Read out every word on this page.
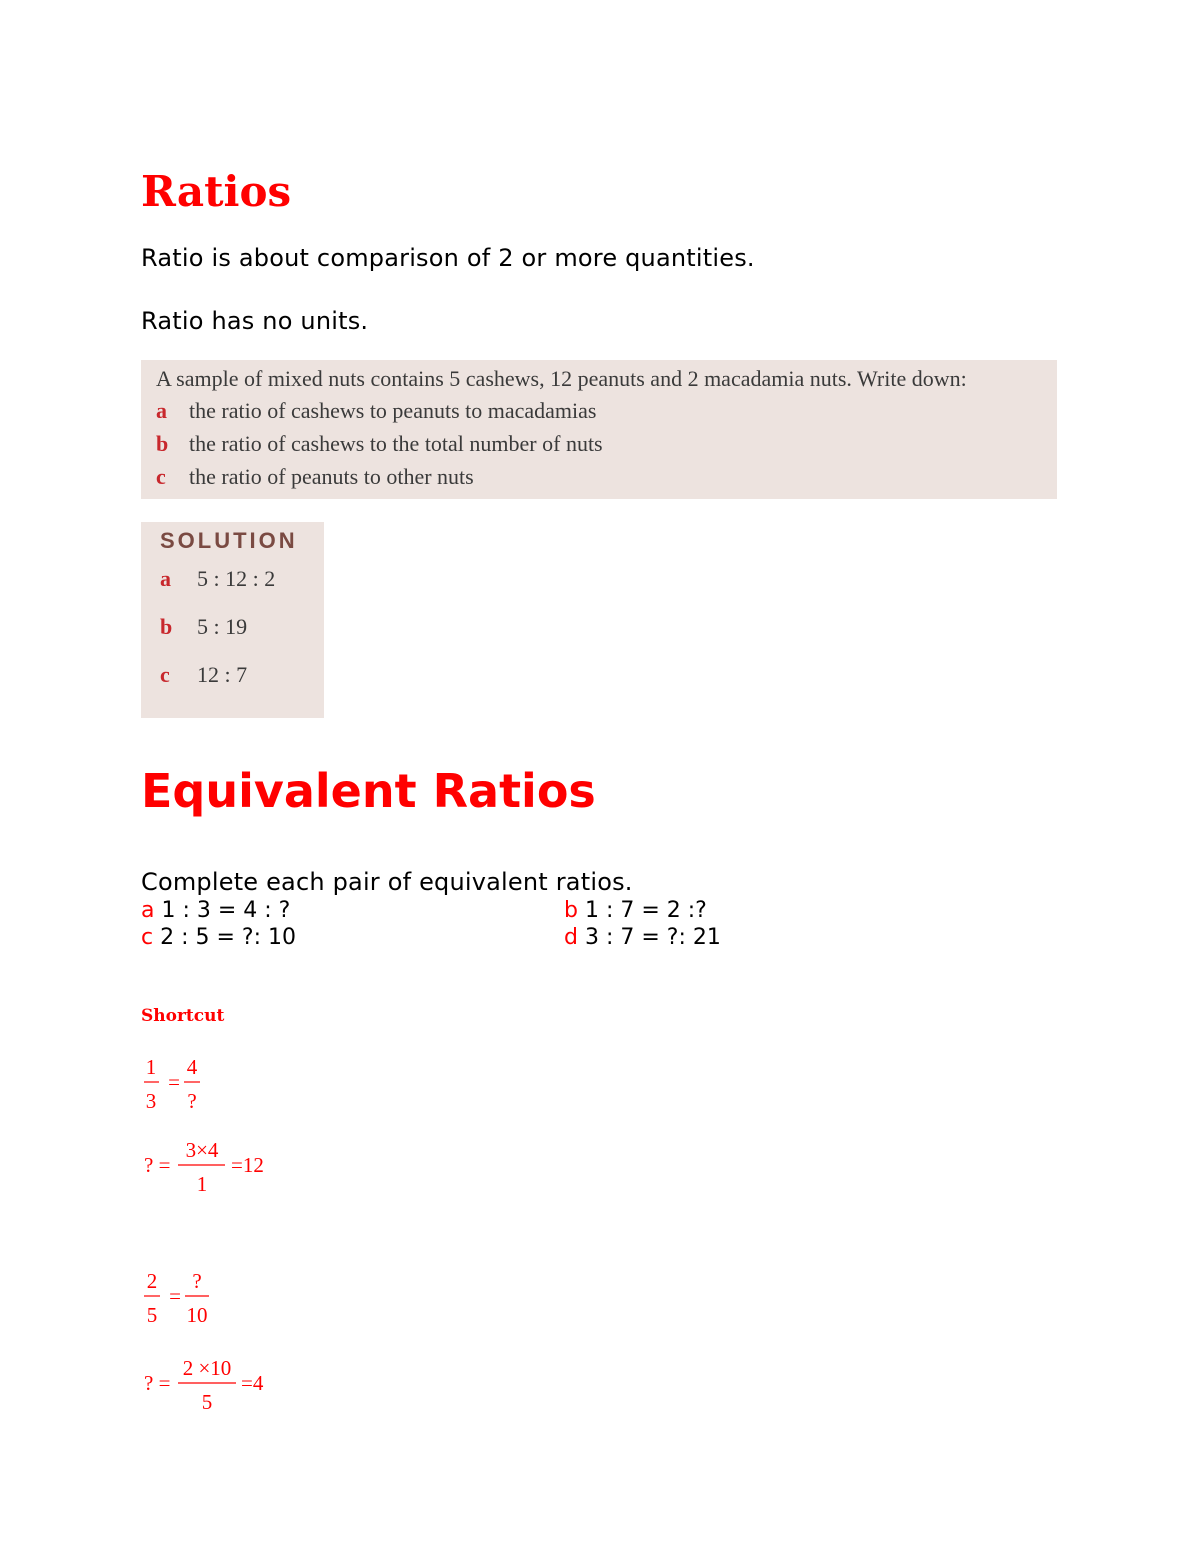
Ratios

Ratio is about comparison of 2 or more quantities.

Ratio has no units.

A sample of mixed nuts contains 5 cashews, 12 peanuts and 2 macadamia nuts. Write down:
a the ratio of cashews to peanuts to macadamias
b the ratio of cashews to the total number of nuts
c the ratio of peanuts to other nuts
SOLUTION
a 5 : 12 : 2
b 5 : 19
c 12 : 7
Equivalent Ratios

Complete each pair of equivalent ratios.

a 1 : 3 = 4 : ?	b 1 : 7 = 2 :?
c 2 : 5 = ?: 10	d 3 : 7 = ?: 21
Shortcut
1
3
=
4
?
? =
3×4
1
=12
2
5
=
?
10
? =
2 ×10
5
=4
